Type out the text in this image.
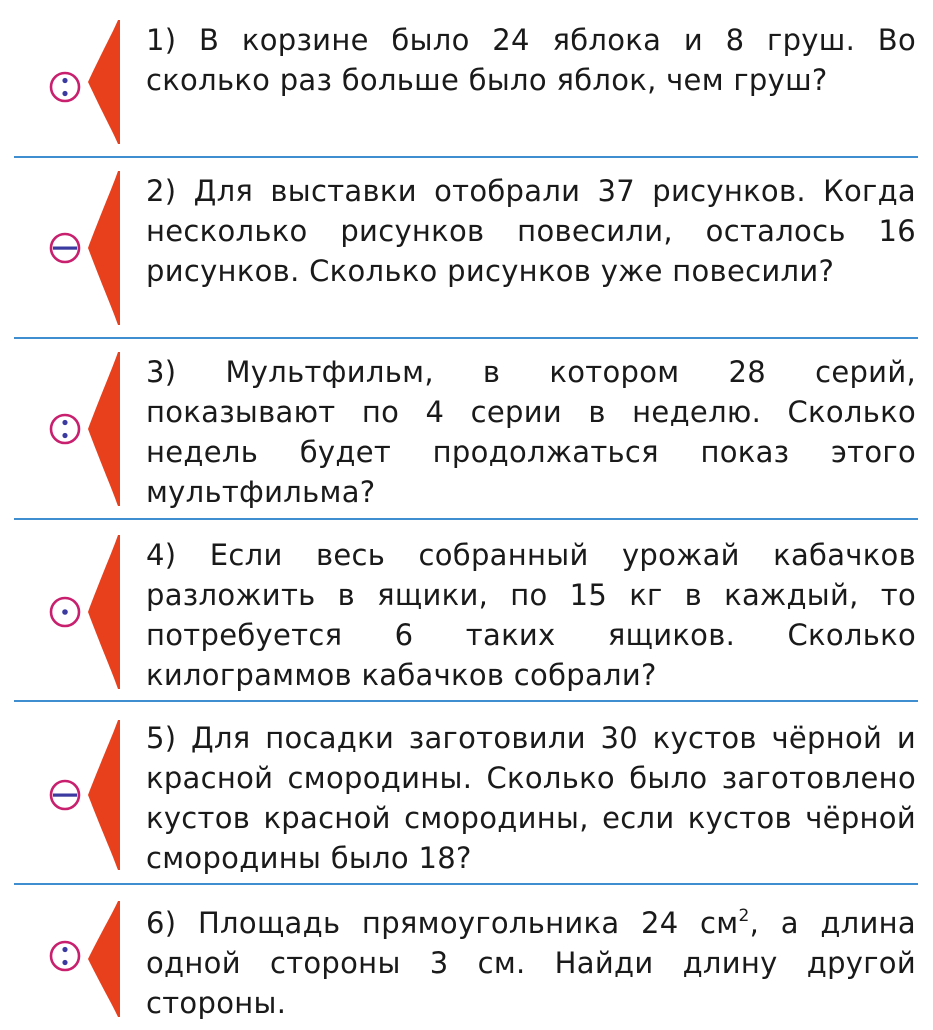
1) В корзине было 24 яблока и 8 груш. Во сколько раз больше было яблок, чем груш?

2) Для выставки отобрали 37 рисунков. Когда несколько рисунков повесили, осталось 16 рисунков. Сколько рисунков уже повесили?

3) Мультфильм, в котором 28 серий, показывают по 4 серии в неделю. Сколько недель будет продолжаться показ этого мультфильма?

4) Если весь собранный урожай кабачков разложить в ящики, по 15 кг в каждый, то потребуется 6 таких ящиков. Сколько килограммов кабачков собрали?

5) Для посадки заготовили 30 кустов чёрной и красной смородины. Сколько было заготовлено кустов красной смородины, если кустов чёрной смородины было 18?

6) Площадь прямоугольника 24 $см^2$, а длина одной стороны 3 см. Найди длину другой стороны.
